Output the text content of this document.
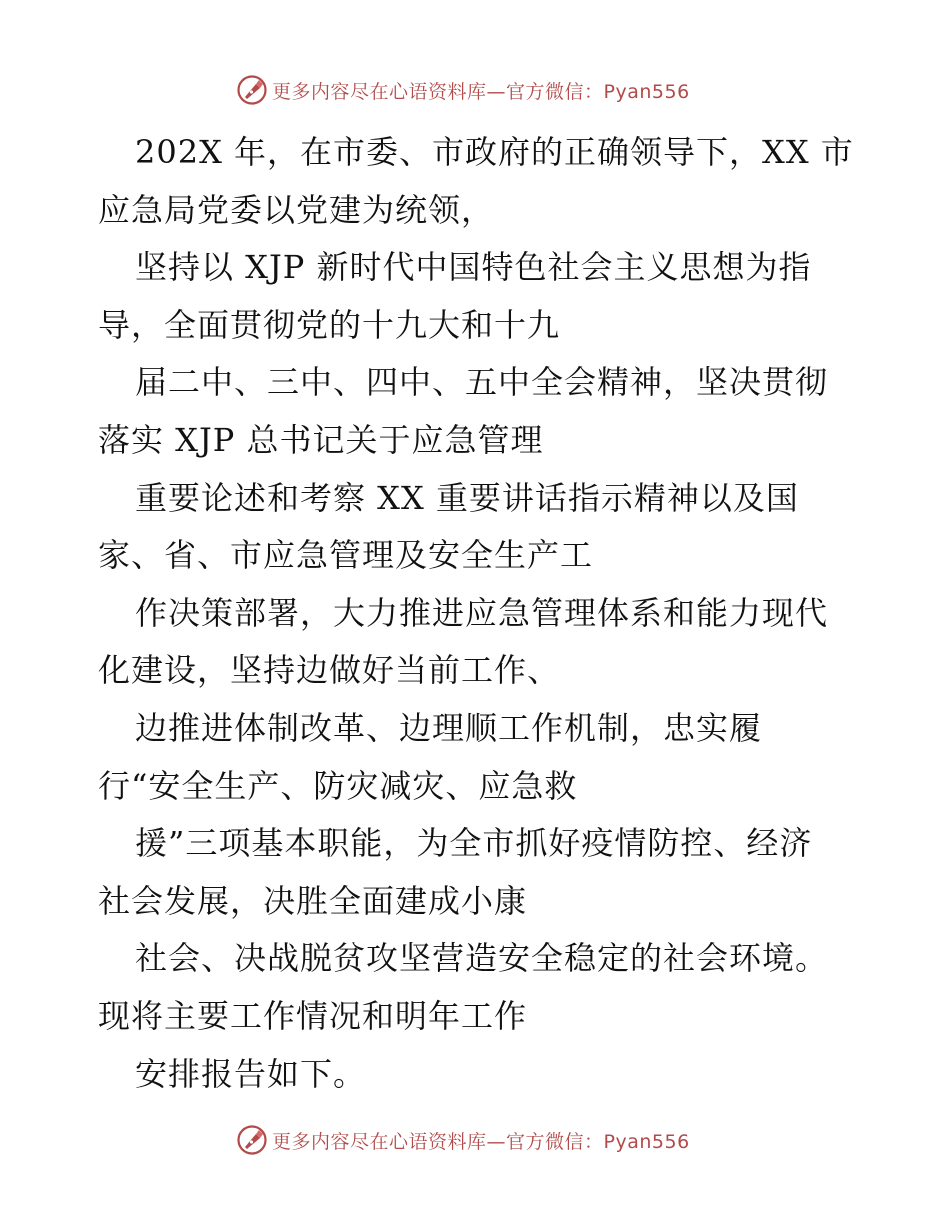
更多内容尽在心语资料库—官方微信：Pyan556
202X 年，在市委、市政府的正确领导下，XX 市
应急局党委以党建为统领，
坚持以 XJP 新时代中国特色社会主义思想为指
导，全面贯彻党的十九大和十九
届二中、三中、四中、五中全会精神，坚决贯彻
落实 XJP 总书记关于应急管理
重要论述和考察 XX 重要讲话指示精神以及国
家、省、市应急管理及安全生产工
作决策部署，大力推进应急管理体系和能力现代
化建设，坚持边做好当前工作、
边推进体制改革、边理顺工作机制，忠实履
行“安全生产、防灾减灾、应急救
援”三项基本职能，为全市抓好疫情防控、经济
社会发展，决胜全面建成小康
社会、决战脱贫攻坚营造安全稳定的社会环境。
现将主要工作情况和明年工作
安排报告如下。
更多内容尽在心语资料库—官方微信：Pyan556
